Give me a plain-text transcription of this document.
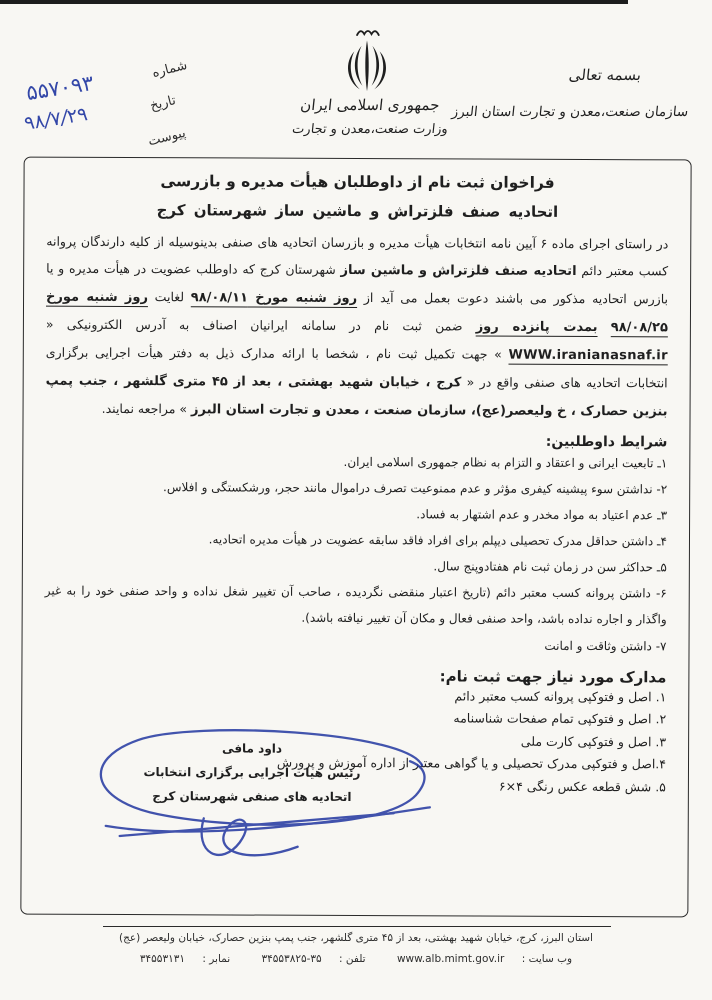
۵۵۷۰۹۳
۹۸/۷/۲۹
شماره
تاریخ
پیوست
جمهوری اسلامی ایران
وزارت صنعت،معدن و تجارت
بسمه تعالی
سازمان صنعت،معدن و تجارت استان البرز
فراخوان ثبت نام از داوطلبان هیأت مدیره و بازرسی
اتحادیه صنف فلزتراش و ماشین ساز شهرستان کرج
در راستای اجرای ماده ۶ آیین نامه انتخابات هیأت مدیره و بازرسان اتحادیه های صنفی بدینوسیله از کلیه دارندگان پروانه کسب معتبر دائم اتحادیه صنف فلزتراش و ماشین ساز شهرستان کرج که داوطلب عضویت در هیأت مدیره و یا بازرس اتحادیه مذکور می باشند دعوت بعمل می آید از روز شنبه مورخ ۹۸/۰۸/۱۱ لغایت روز شنبه مورخ ۹۸/۰۸/۲۵ بمدت پانزده روز ضمن ثبت نام در سامانه ایرانیان اصناف به آدرس الکترونیکی « WWW.iranianasnaf.ir » جهت تکمیل ثبت نام ، شخصا با ارائه مدارک ذیل به دفتر هیأت اجرایی برگزاری انتخابات اتحادیه های صنفی واقع در « کرج ، خیابان شهید بهشتی ، بعد از ۴۵ متری گلشهر ، جنب پمپ بنزین حصارک ، خ ولیعصر(عج)، سازمان صنعت ، معدن و تجارت استان البرز » مراجعه نمایند.
شرایط داوطلبین:
۱ـ تابعیت ایرانی و اعتقاد و التزام به نظام جمهوری اسلامی ایران.
۲- نداشتن سوء پیشینه کیفری مؤثر و عدم ممنوعیت تصرف دراموال مانند حجر، ورشکستگی و افلاس.
۳ـ عدم اعتیاد به مواد مخدر و عدم اشتهار به فساد.
۴ـ داشتن حداقل مدرک تحصیلی دیپلم برای افراد فاقد سابقه عضویت در هیأت مدیره اتحادیه.
۵ـ حداکثر سن در زمان ثبت نام هفتادوپنج سال.
۶- داشتن پروانه کسب معتبر دائم (تاریخ اعتبار منقضی نگردیده ، صاحب آن تغییر شغل نداده و واحد صنفی خود را به غیر واگذار و اجاره نداده باشد، واحد صنفی فعال و مکان آن تغییر نیافته باشد).
۷- داشتن وثاقت و امانت
مدارک مورد نیاز جهت ثبت نام:
۱. اصل و فتوکپی پروانه کسب معتبر دائم
۲. اصل و فتوکپی تمام صفحات شناسنامه
۳. اصل و فتوکپی کارت ملی
۴.اصل و فتوکپی مدرک تحصیلی و یا گواهی معتبر از اداره آموزش و پرورش
۵. شش قطعه عکس رنگی ۴×۶
داود مافی
رئیس هیات اجرایی برگزاری انتخابات
اتحادیه های صنفی شهرستان کرج
استان البرز، کرج، خیابان شهید بهشتی، بعد از ۴۵ متری گلشهر، جنب پمپ بنزین حصارک، خیابان ولیعصر (عج)
وب سایت : www.alb.mimt.gov.ir تلفن : ۳۴۵۵۳۸۲۵-۳۵ نمابر : ۳۴۵۵۳۱۳۱
